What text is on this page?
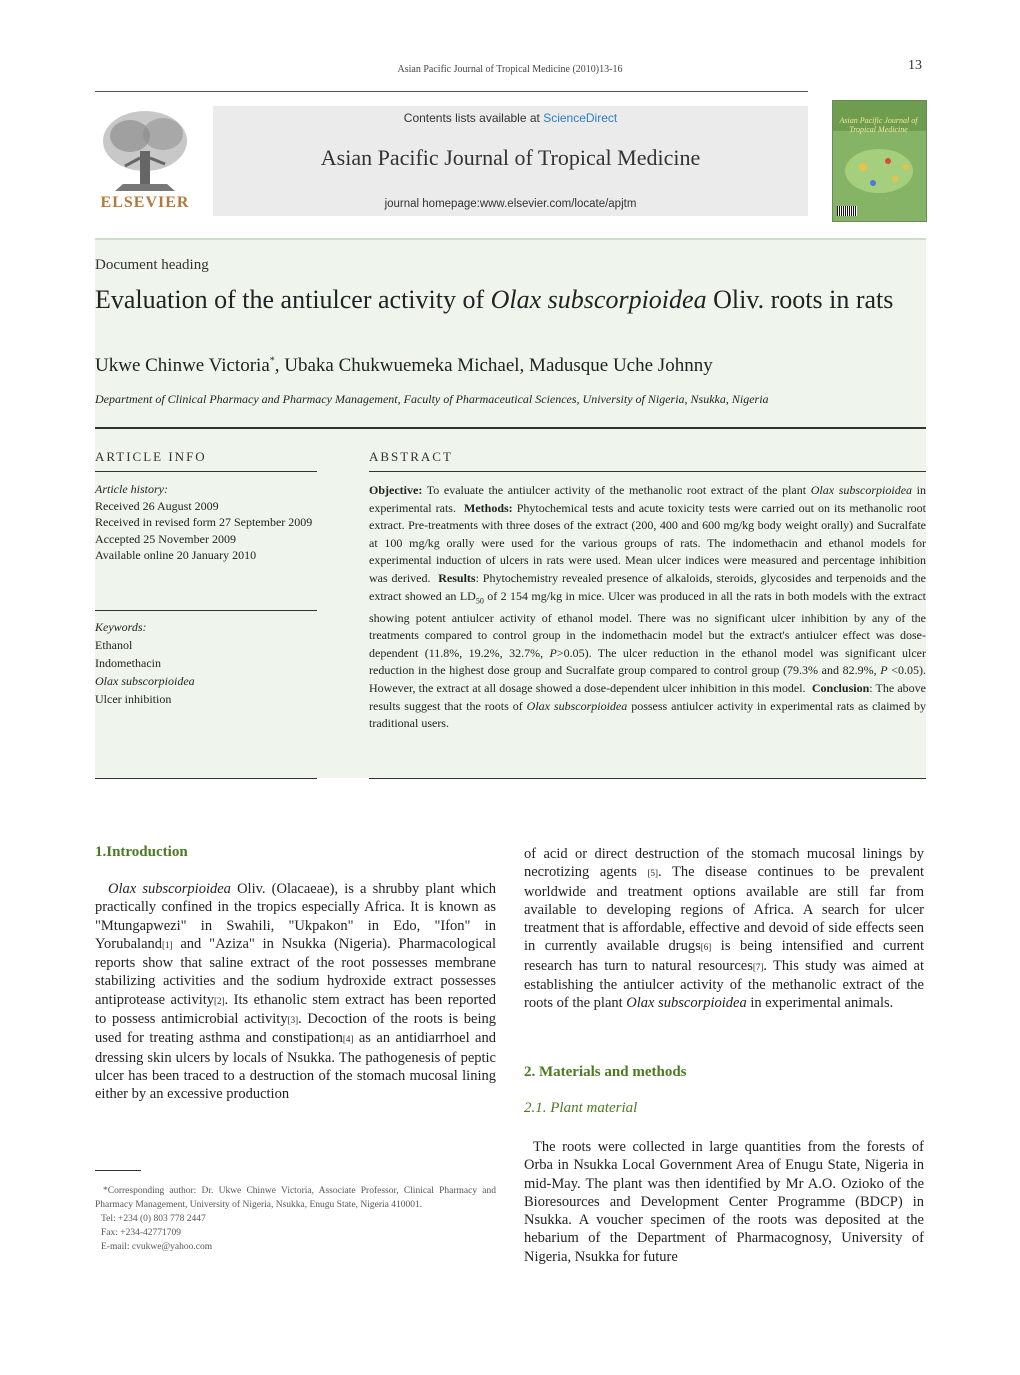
Asian Pacific Journal of Tropical Medicine (2010)13-16	13
ELSEVIER
Contents lists available at ScienceDirect
Asian Pacific Journal of Tropical Medicine
journal homepage:www.elsevier.com/locate/apjtm
Asian Pacific Journal of Tropical Medicine
Document heading
Evaluation of the antiulcer activity of Olax subscorpioidea Oliv. roots in rats
Ukwe Chinwe Victoria*, Ubaka Chukwuemeka Michael, Madusque Uche Johnny
Department of Clinical Pharmacy and Pharmacy Management, Faculty of Pharmaceutical Sciences, University of Nigeria, Nsukka, Nigeria
ARTICLE INFO
Article history:
Received 26 August 2009
Received in revised form 27 September 2009
Accepted 25 November 2009
Available online 20 January 2010
Keywords:
Ethanol
Indomethacin
Olax subscorpioidea
Ulcer inhibition
ABSTRACT
Objective: To evaluate the antiulcer activity of the methanolic root extract of the plant Olax subscorpioidea in experimental rats. Methods: Phytochemical tests and acute toxicity tests were carried out on its methanolic root extract. Pre-treatments with three doses of the extract (200, 400 and 600 mg/kg body weight orally) and Sucralfate at 100 mg/kg orally were used for the various groups of rats. The indomethacin and ethanol models for experimental induction of ulcers in rats were used. Mean ulcer indices were measured and percentage inhibition was derived. Results: Phytochemistry revealed presence of alkaloids, steroids, glycosides and terpenoids and the extract showed an $LD_{50}$ of 2 154 mg/kg in mice. Ulcer was produced in all the rats in both models with the extract showing potent antiulcer activity of ethanol model. There was no significant ulcer inhibition by any of the treatments compared to control group in the indomethacin model but the extract's antiulcer effect was dose-dependent (11.8%, 19.2%, 32.7%, P>0.05). The ulcer reduction in the ethanol model was significant ulcer reduction in the highest dose group and Sucralfate group compared to control group (79.3% and 82.9%, P <0.05). However, the extract at all dosage showed a dose-dependent ulcer inhibition in this model. Conclusion: The above results suggest that the roots of Olax subscorpioidea possess antiulcer activity in experimental rats as claimed by traditional users.
1.Introduction
Olax subscorpioidea Oliv. (Olacaeae), is a shrubby plant which practically confined in the tropics especially Africa. It is known as "Mtungapwezi" in Swahili, "Ukpakon" in Edo, "Ifon" in Yorubaland[1] and "Aziza" in Nsukka (Nigeria). Pharmacological reports show that saline extract of the root possesses membrane stabilizing activities and the sodium hydroxide extract possesses antiprotease activity[2]. Its ethanolic stem extract has been reported to possess antimicrobial activity[3]. Decoction of the roots is being used for treating asthma and constipation[4] as an antidiarrhoel and dressing skin ulcers by locals of Nsukka. The pathogenesis of peptic ulcer has been traced to a destruction of the stomach mucosal lining either by an excessive production
*Corresponding author: Dr. Ukwe Chinwe Victoria, Associate Professor, Clinical Pharmacy and Pharmacy Management, University of Nigeria, Nsukka, Enugu State, Nigeria 410001.
Tel: +234 (0) 803 778 2447
Fax: +234-42771709
E-mail: cvukwe@yahoo.com
of acid or direct destruction of the stomach mucosal linings by necrotizing agents [5]. The disease continues to be prevalent worldwide and treatment options available are still far from available to developing regions of Africa. A search for ulcer treatment that is affordable, effective and devoid of side effects seen in currently available drugs[6] is being intensified and current research has turn to natural resources[7]. This study was aimed at establishing the antiulcer activity of the methanolic extract of the roots of the plant Olax subscorpioidea in experimental animals.
2. Materials and methods
2.1. Plant material
The roots were collected in large quantities from the forests of Orba in Nsukka Local Government Area of Enugu State, Nigeria in mid-May. The plant was then identified by Mr A.O. Ozioko of the Bioresources and Development Center Programme (BDCP) in Nsukka. A voucher specimen of the roots was deposited at the hebarium of the Department of Pharmacognosy, University of Nigeria, Nsukka for future
